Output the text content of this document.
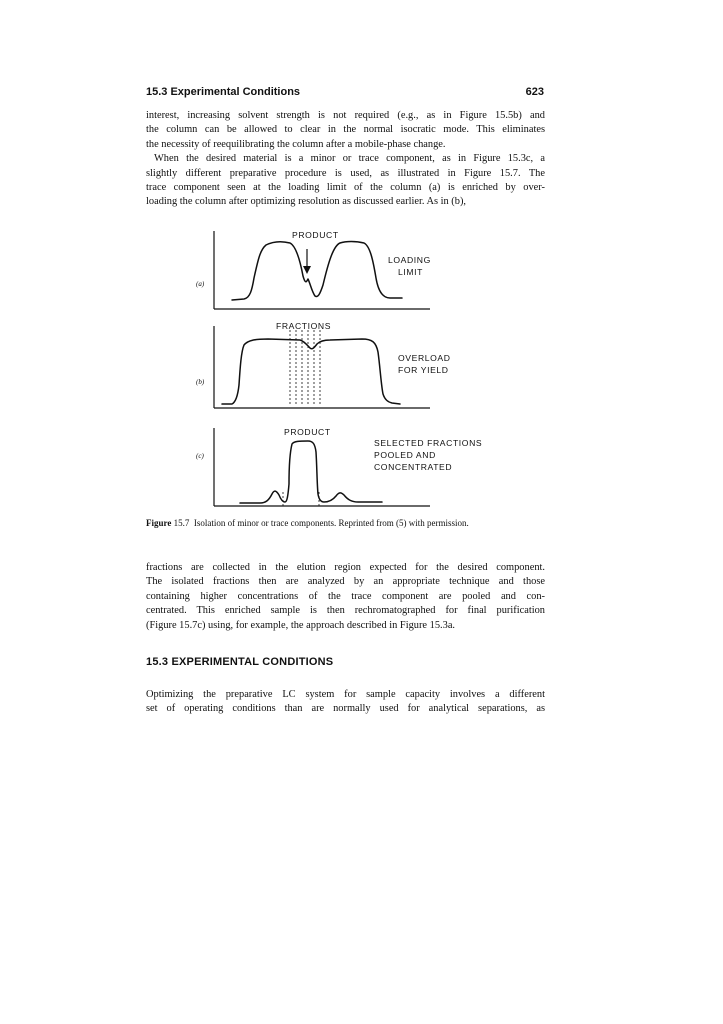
15.3 Experimental Conditions	623
interest, increasing solvent strength is not required (e.g., as in Figure 15.5b) and
the column can be allowed to clear in the normal isocratic mode. This eliminates
the necessity of reequilibrating the column after a mobile-phase change.
When the desired material is a minor or trace component, as in Figure 15.3c, a
slightly different preparative procedure is used, as illustrated in Figure 15.7. The
trace component seen at the loading limit of the column (a) is enriched by over-
loading the column after optimizing resolution as discussed earlier. As in (b),
PRODUCT
LOADING
LIMIT
(a)
FRACTIONS
OVERLOAD
FOR YIELD
(b)
PRODUCT
SELECTED FRACTIONS
POOLED AND
CONCENTRATED
(c)
Figure 15.7 Isolation of minor or trace components. Reprinted from (5) with permission.
fractions are collected in the elution region expected for the desired component.
The isolated fractions then are analyzed by an appropriate technique and those
containing higher concentrations of the trace component are pooled and con-
centrated. This enriched sample is then rechromatographed for final purification
(Figure 15.7c) using, for example, the approach described in Figure 15.3a.
15.3 EXPERIMENTAL CONDITIONS
Optimizing the preparative LC system for sample capacity involves a different
set of operating conditions than are normally used for analytical separations, as
